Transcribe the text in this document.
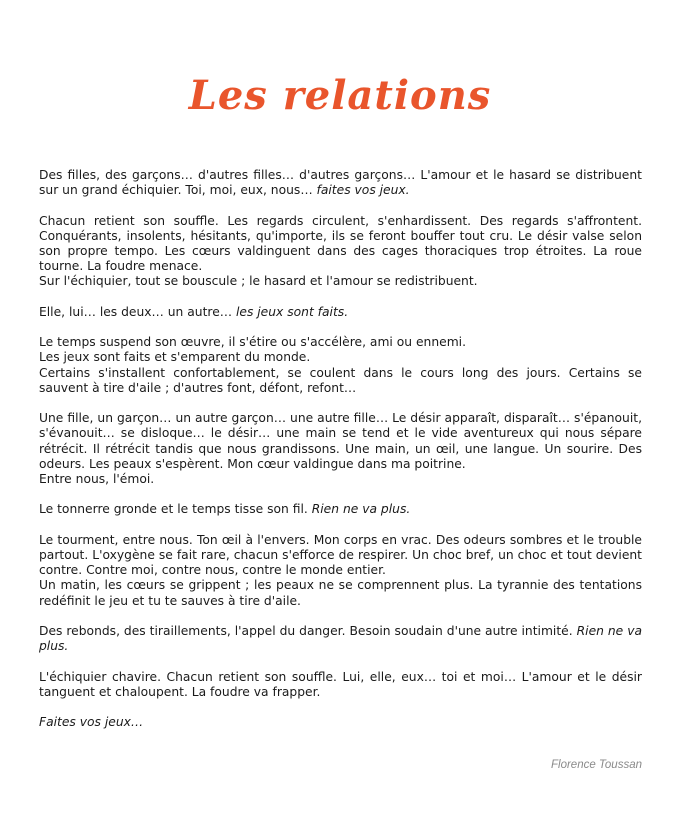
Les relations

Des filles, des garçons… d'autres filles… d'autres garçons… L'amour et le hasard se distribuent sur un grand échiquier. Toi, moi, eux, nous… faites vos jeux.

Chacun retient son souffle. Les regards circulent, s'enhardissent. Des regards s'affrontent. Conquérants, insolents, hésitants, qu'importe, ils se feront bouffer tout cru. Le désir valse selon son propre tempo. Les cœurs valdinguent dans des cages thoraciques trop étroites. La roue tourne. La foudre menace.
Sur l'échiquier, tout se bouscule ; le hasard et l'amour se redistribuent.

Elle, lui… les deux… un autre… les jeux sont faits.

Le temps suspend son œuvre, il s'étire ou s'accélère, ami ou ennemi.
Les jeux sont faits et s'emparent du monde.
Certains s'installent confortablement, se coulent dans le cours long des jours. Certains se sauvent à tire d'aile ; d'autres font, défont, refont…

Une fille, un garçon… un autre garçon… une autre fille… Le désir apparaît, disparaît… s'épanouit, s'évanouit… se disloque… le désir… une main se tend et le vide aventureux qui nous sépare rétrécit. Il rétrécit tandis que nous grandissons. Une main, un œil, une langue. Un sourire. Des odeurs. Les peaux s'espèrent. Mon cœur valdingue dans ma poitrine.
Entre nous, l'émoi.

Le tonnerre gronde et le temps tisse son fil. Rien ne va plus.

Le tourment, entre nous. Ton œil à l'envers. Mon corps en vrac. Des odeurs sombres et le trouble partout. L'oxygène se fait rare, chacun s'efforce de respirer. Un choc bref, un choc et tout devient contre. Contre moi, contre nous, contre le monde entier.
Un matin, les cœurs se grippent ; les peaux ne se comprennent plus. La tyrannie des tentations redéfinit le jeu et tu te sauves à tire d'aile.

Des rebonds, des tiraillements, l'appel du danger. Besoin soudain d'une autre intimité. Rien ne va plus.

L'échiquier chavire. Chacun retient son souffle. Lui, elle, eux… toi et moi… L'amour et le désir tanguent et chaloupent. La foudre va frapper.

Faites vos jeux…

Florence Toussan
